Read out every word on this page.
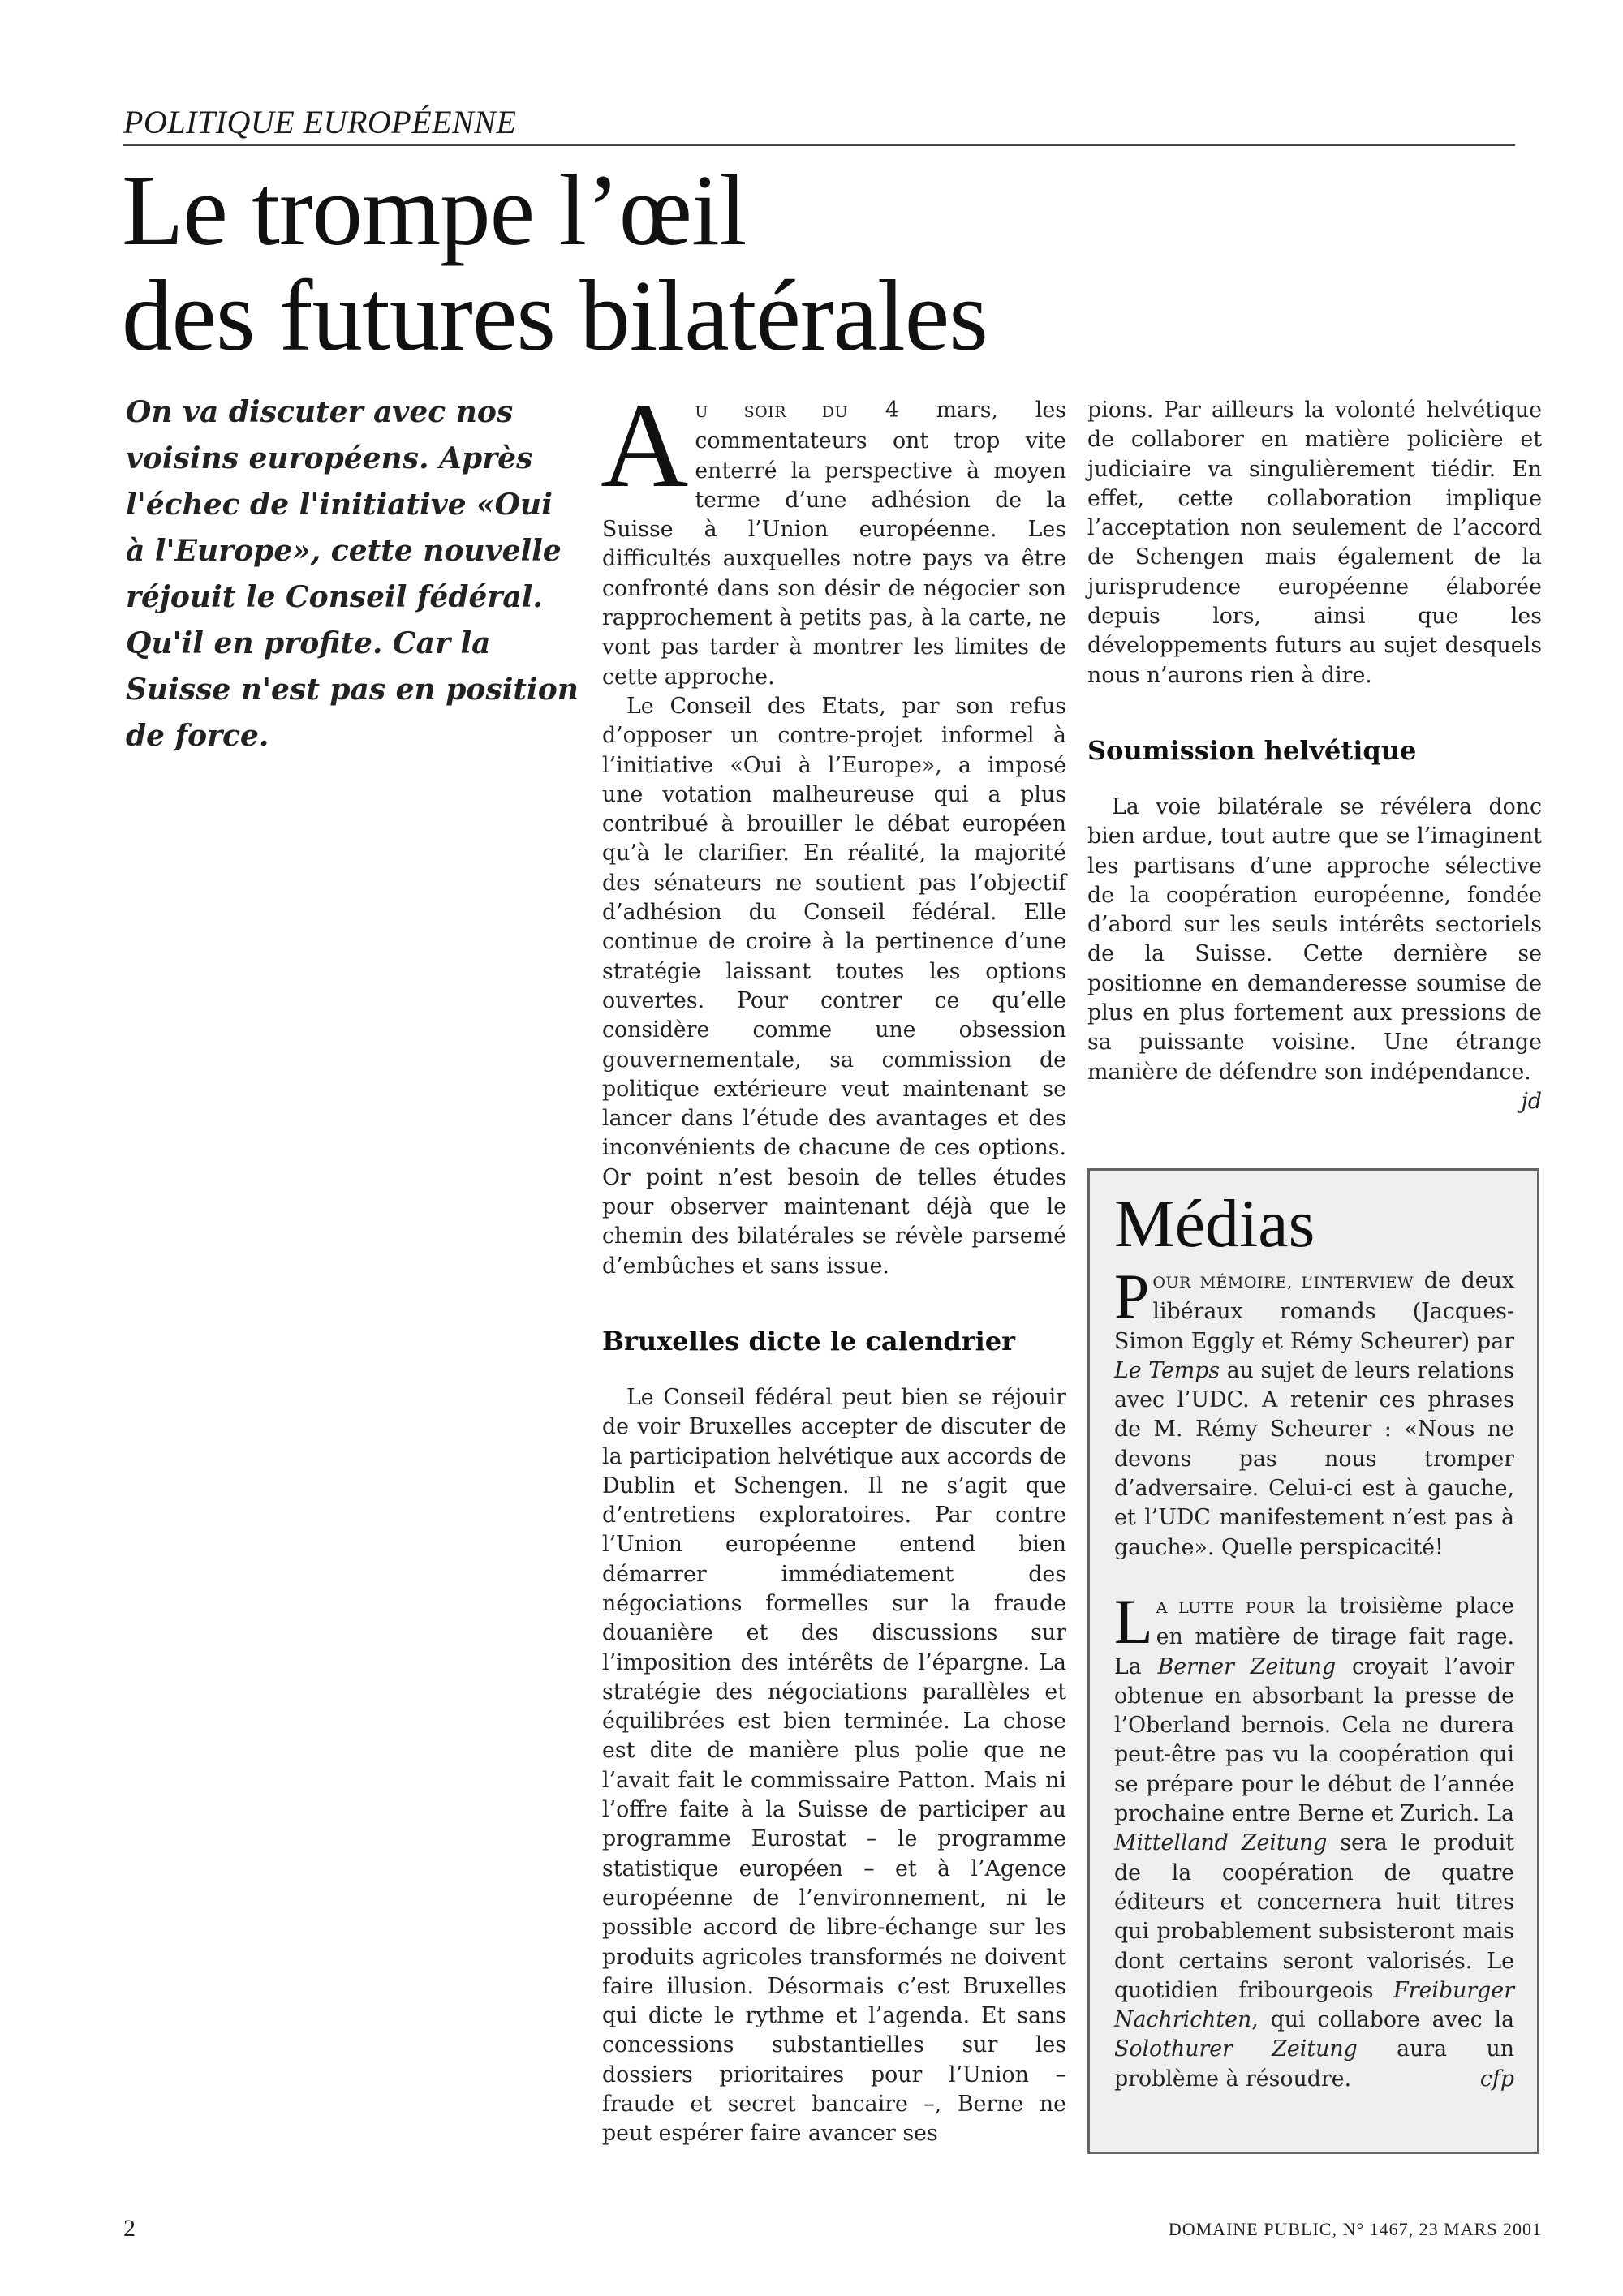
POLITIQUE EUROPÉENNE
Le trompe l’œil
des futures bilatérales
On va discuter avec nos voisins européens. Après l'échec de l'initiative «Oui à l'Europe», cette nouvelle réjouit le Conseil fédéral. Qu'il en profite. Car la Suisse n'est pas en position de force.

A U SOIR DU 4 mars, les commentateurs ont trop vite enterré la perspective à moyen terme d’une adhésion de la Suisse à l’Union européenne. Les difficultés auxquelles notre pays va être confronté dans son désir de négocier son rapprochement à petits pas, à la carte, ne vont pas tarder à montrer les limites de cette approche.

Le Conseil des Etats, par son refus d’opposer un contre-projet informel à l’initiative «Oui à l’Europe», a imposé une votation malheureuse qui a plus contribué à brouiller le débat européen qu’à le clarifier. En réalité, la majorité des sénateurs ne soutient pas l’objectif d’adhésion du Conseil fédéral. Elle continue de croire à la pertinence d’une stratégie laissant toutes les options ouvertes. Pour contrer ce qu’elle considère comme une obsession gouvernementale, sa commission de politique extérieure veut maintenant se lancer dans l’étude des avantages et des inconvénients de chacune de ces options. Or point n’est besoin de telles études pour observer maintenant déjà que le chemin des bilatérales se révèle parsemé d’embûches et sans issue.

Bruxelles dicte le calendrier

Le Conseil fédéral peut bien se réjouir de voir Bruxelles accepter de discuter de la participation helvétique aux accords de Dublin et Schengen. Il ne s’agit que d’entretiens exploratoires. Par contre l’Union européenne entend bien démarrer immédiatement des négociations formelles sur la fraude douanière et des discussions sur l’imposition des intérêts de l’épargne. La stratégie des négociations parallèles et équilibrées est bien terminée. La chose est dite de manière plus polie que ne l’avait fait le commissaire Patton. Mais ni l’offre faite à la Suisse de participer au programme Eurostat – le programme statistique européen – et à l’Agence européenne de l’environnement, ni le possible accord de libre-échange sur les produits agricoles transformés ne doivent faire illusion. Désormais c’est Bruxelles qui dicte le rythme et l’agenda. Et sans concessions substantielles sur les dossiers prioritaires pour l’Union – fraude et secret bancaire –, Berne ne peut espérer faire avancer ses

pions. Par ailleurs la volonté helvétique de collaborer en matière policière et judiciaire va singulièrement tiédir. En effet, cette collaboration implique l’acceptation non seulement de l’accord de Schengen mais également de la jurisprudence européenne élaborée depuis lors, ainsi que les développements futurs au sujet desquels nous n’aurons rien à dire.

Soumission helvétique

La voie bilatérale se révélera donc bien ardue, tout autre que se l’imaginent les partisans d’une approche sélective de la coopération européenne, fondée d’abord sur les seuls intérêts sectoriels de la Suisse. Cette dernière se positionne en demanderesse soumise de plus en plus fortement aux pressions de sa puissante voisine. Une étrange manière de défendre son indépendance.
jd

Médias

POUR MÉMOIRE, L’INTERVIEW de deux libéraux romands (Jacques-Simon Eggly et Rémy Scheurer) par Le Temps au sujet de leurs relations avec l’UDC. A retenir ces phrases de M. Rémy Scheurer : «Nous ne devons pas nous tromper d’adversaire. Celui-ci est à gauche, et l’UDC manifestement n’est pas à gauche». Quelle perspicacité!

L A LUTTE POUR la troisième place en matière de tirage fait rage. La Berner Zeitung croyait l’avoir obtenue en absorbant la presse de l’Oberland bernois. Cela ne durera peut-être pas vu la coopération qui se prépare pour le début de l’année prochaine entre Berne et Zurich. La Mittelland Zeitung sera le produit de la coopération de quatre éditeurs et concernera huit titres qui probablement subsisteront mais dont certains seront valorisés. Le quotidien fribourgeois Freiburger Nachrichten, qui collabore avec la Solothurer Zeitung aura un problème à résoudre.	cfp

2	DOMAINE PUBLIC, N° 1467, 23 MARS 2001
